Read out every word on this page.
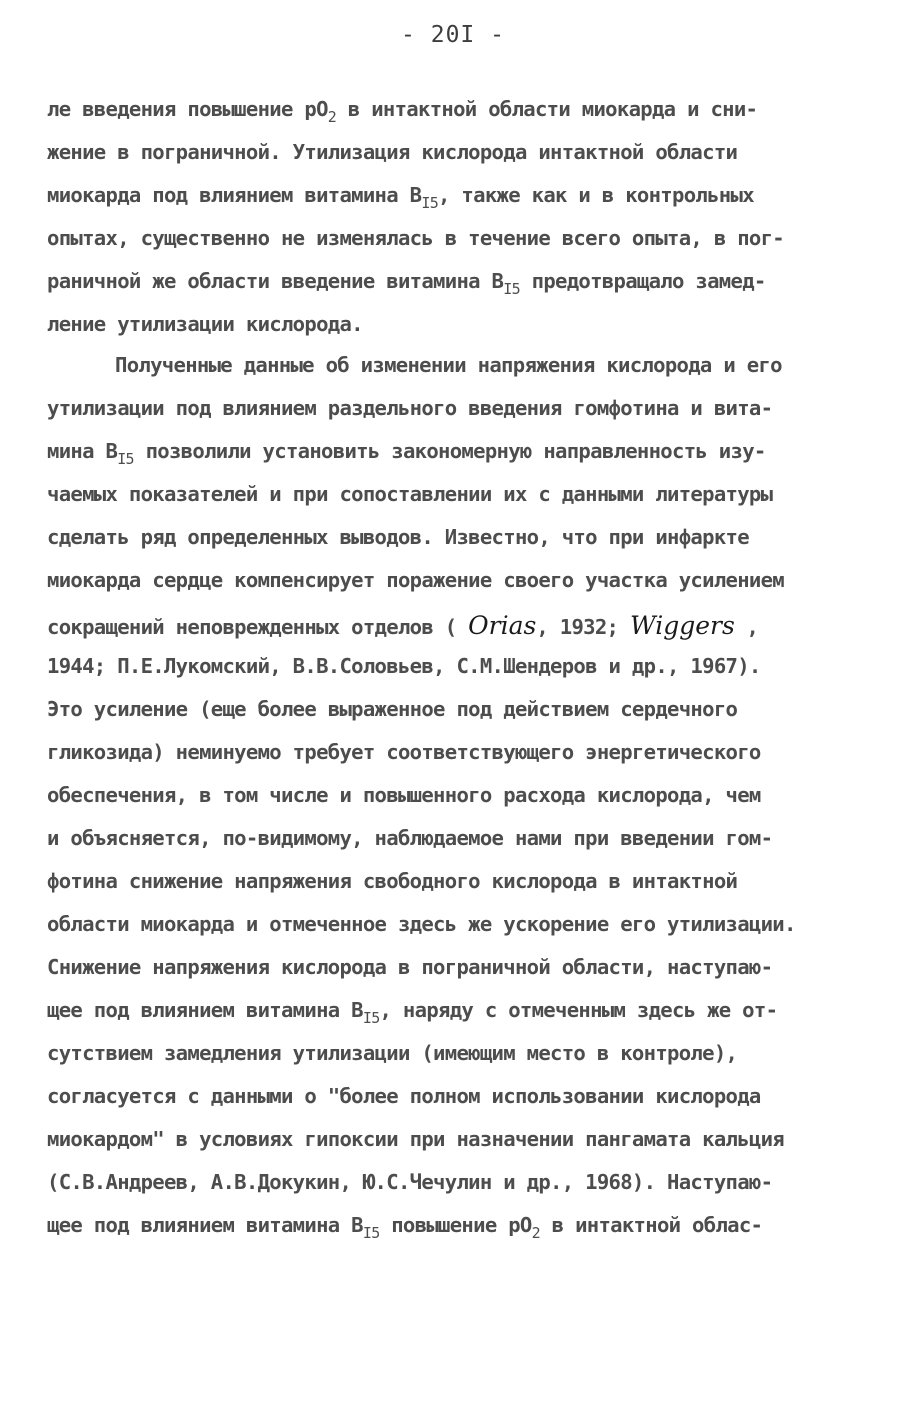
- 20I -
ле введения повышение $pO_2$ в интактной области миокарда и сни-
жение в пограничной. Утилизация кислорода интактной области
миокарда под влиянием витамина $B_{I5}$, также как и в контрольных
опытах, существенно не изменялась в течение всего опыта, в пог-
раничной же области введение витамина $B_{I5}$ предотвращало замед-
ление утилизации кислорода.
Полученные данные об изменении напряжения кислорода и его
утилизации под влиянием раздельного введения гомфотина и вита-
мина $B_{I5}$ позволили установить закономерную направленность изу-
чаемых показателей и при сопоставлении их с данными литературы
сделать ряд определенных выводов. Известно, что при инфаркте
миокарда сердце компенсирует поражение своего участка усилением
сокращений неповрежденных отделов ( Orias, 1932; Wiggers ,
1944; П.Е.Лукомский, В.В.Соловьев, С.М.Шендеров и др., 1967).
Это усиление (еще более выраженное под действием сердечного
гликозида) неминуемо требует соответствующего энергетического
обеспечения, в том числе и повышенного расхода кислорода, чем
и объясняется, по-видимому, наблюдаемое нами при введении гом-
фотина снижение напряжения свободного кислорода в интактной
области миокарда и отмеченное здесь же ускорение его утилизации.
Снижение напряжения кислорода в пограничной области, наступаю-
щее под влиянием витамина $B_{I5}$, наряду с отмеченным здесь же от-
сутствием замедления утилизации (имеющим место в контроле),
согласуется с данными о "более полном использовании кислорода
миокардом" в условиях гипоксии при назначении пангамата кальция
(С.В.Андреев, А.В.Докукин, Ю.С.Чечулин и др., 1968). Наступаю-
щее под влиянием витамина $B_{I5}$ повышение $pO_2$ в интактной облас-
